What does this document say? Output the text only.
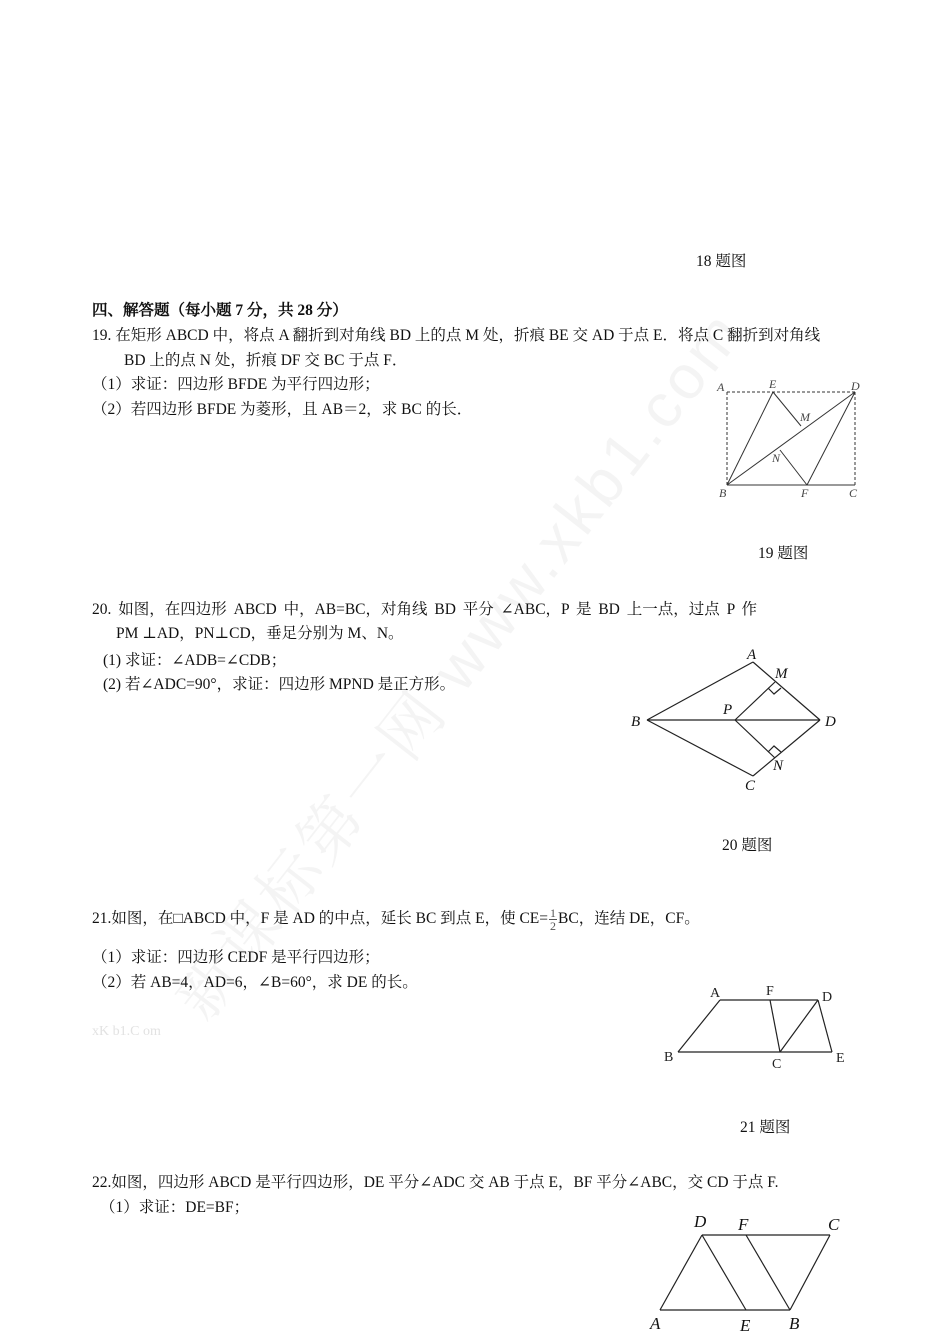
18 题图
四、解答题（每小题 7 分，共 28 分）
19. 在矩形 ABCD 中，将点 A 翻折到对角线 BD 上的点 M 处，折痕 BE 交 AD 于点 E．将点 C 翻折到对角线
BD 上的点 N 处，折痕 DF 交 BC 于点 F．
（1）求证：四边形 BFDE 为平行四边形；
（2）若四边形 BFDE 为菱形，且 AB＝2，求 BC 的长．
A	E	D
M
N
B	F	C
19 题图
20. 如图，在四边形 ABCD 中，AB=BC，对角线 BD 平分 ∠ABC，P 是 BD 上一点，过点 P 作
PM ⊥AD，PN⊥CD，垂足分别为 M、N。
(1) 求证：∠ADB=∠CDB；
(2) 若∠ADC=90°，求证：四边形 MPND 是正方形。
A
M
B
P
D
N
C
20 题图
21.如图，在□ABCD 中，F 是 AD 的中点，延长 BC 到点 E，使 $CE= \frac{1}{2}$ BC，连结 DE，CF。
（1）求证：四边形 CEDF 是平行四边形；
（2）若 AB=4，AD=6，∠B=60°，求 DE 的长。
xK b1.C om
A	F	D
B	C	E
21 题图
22.如图，四边形 ABCD 是平行四边形，DE 平分∠ADC 交 AB 于点 E，BF 平分∠ABC，交 CD 于点 F.
（1）求证：DE=BF；
D F	C
A	E B
